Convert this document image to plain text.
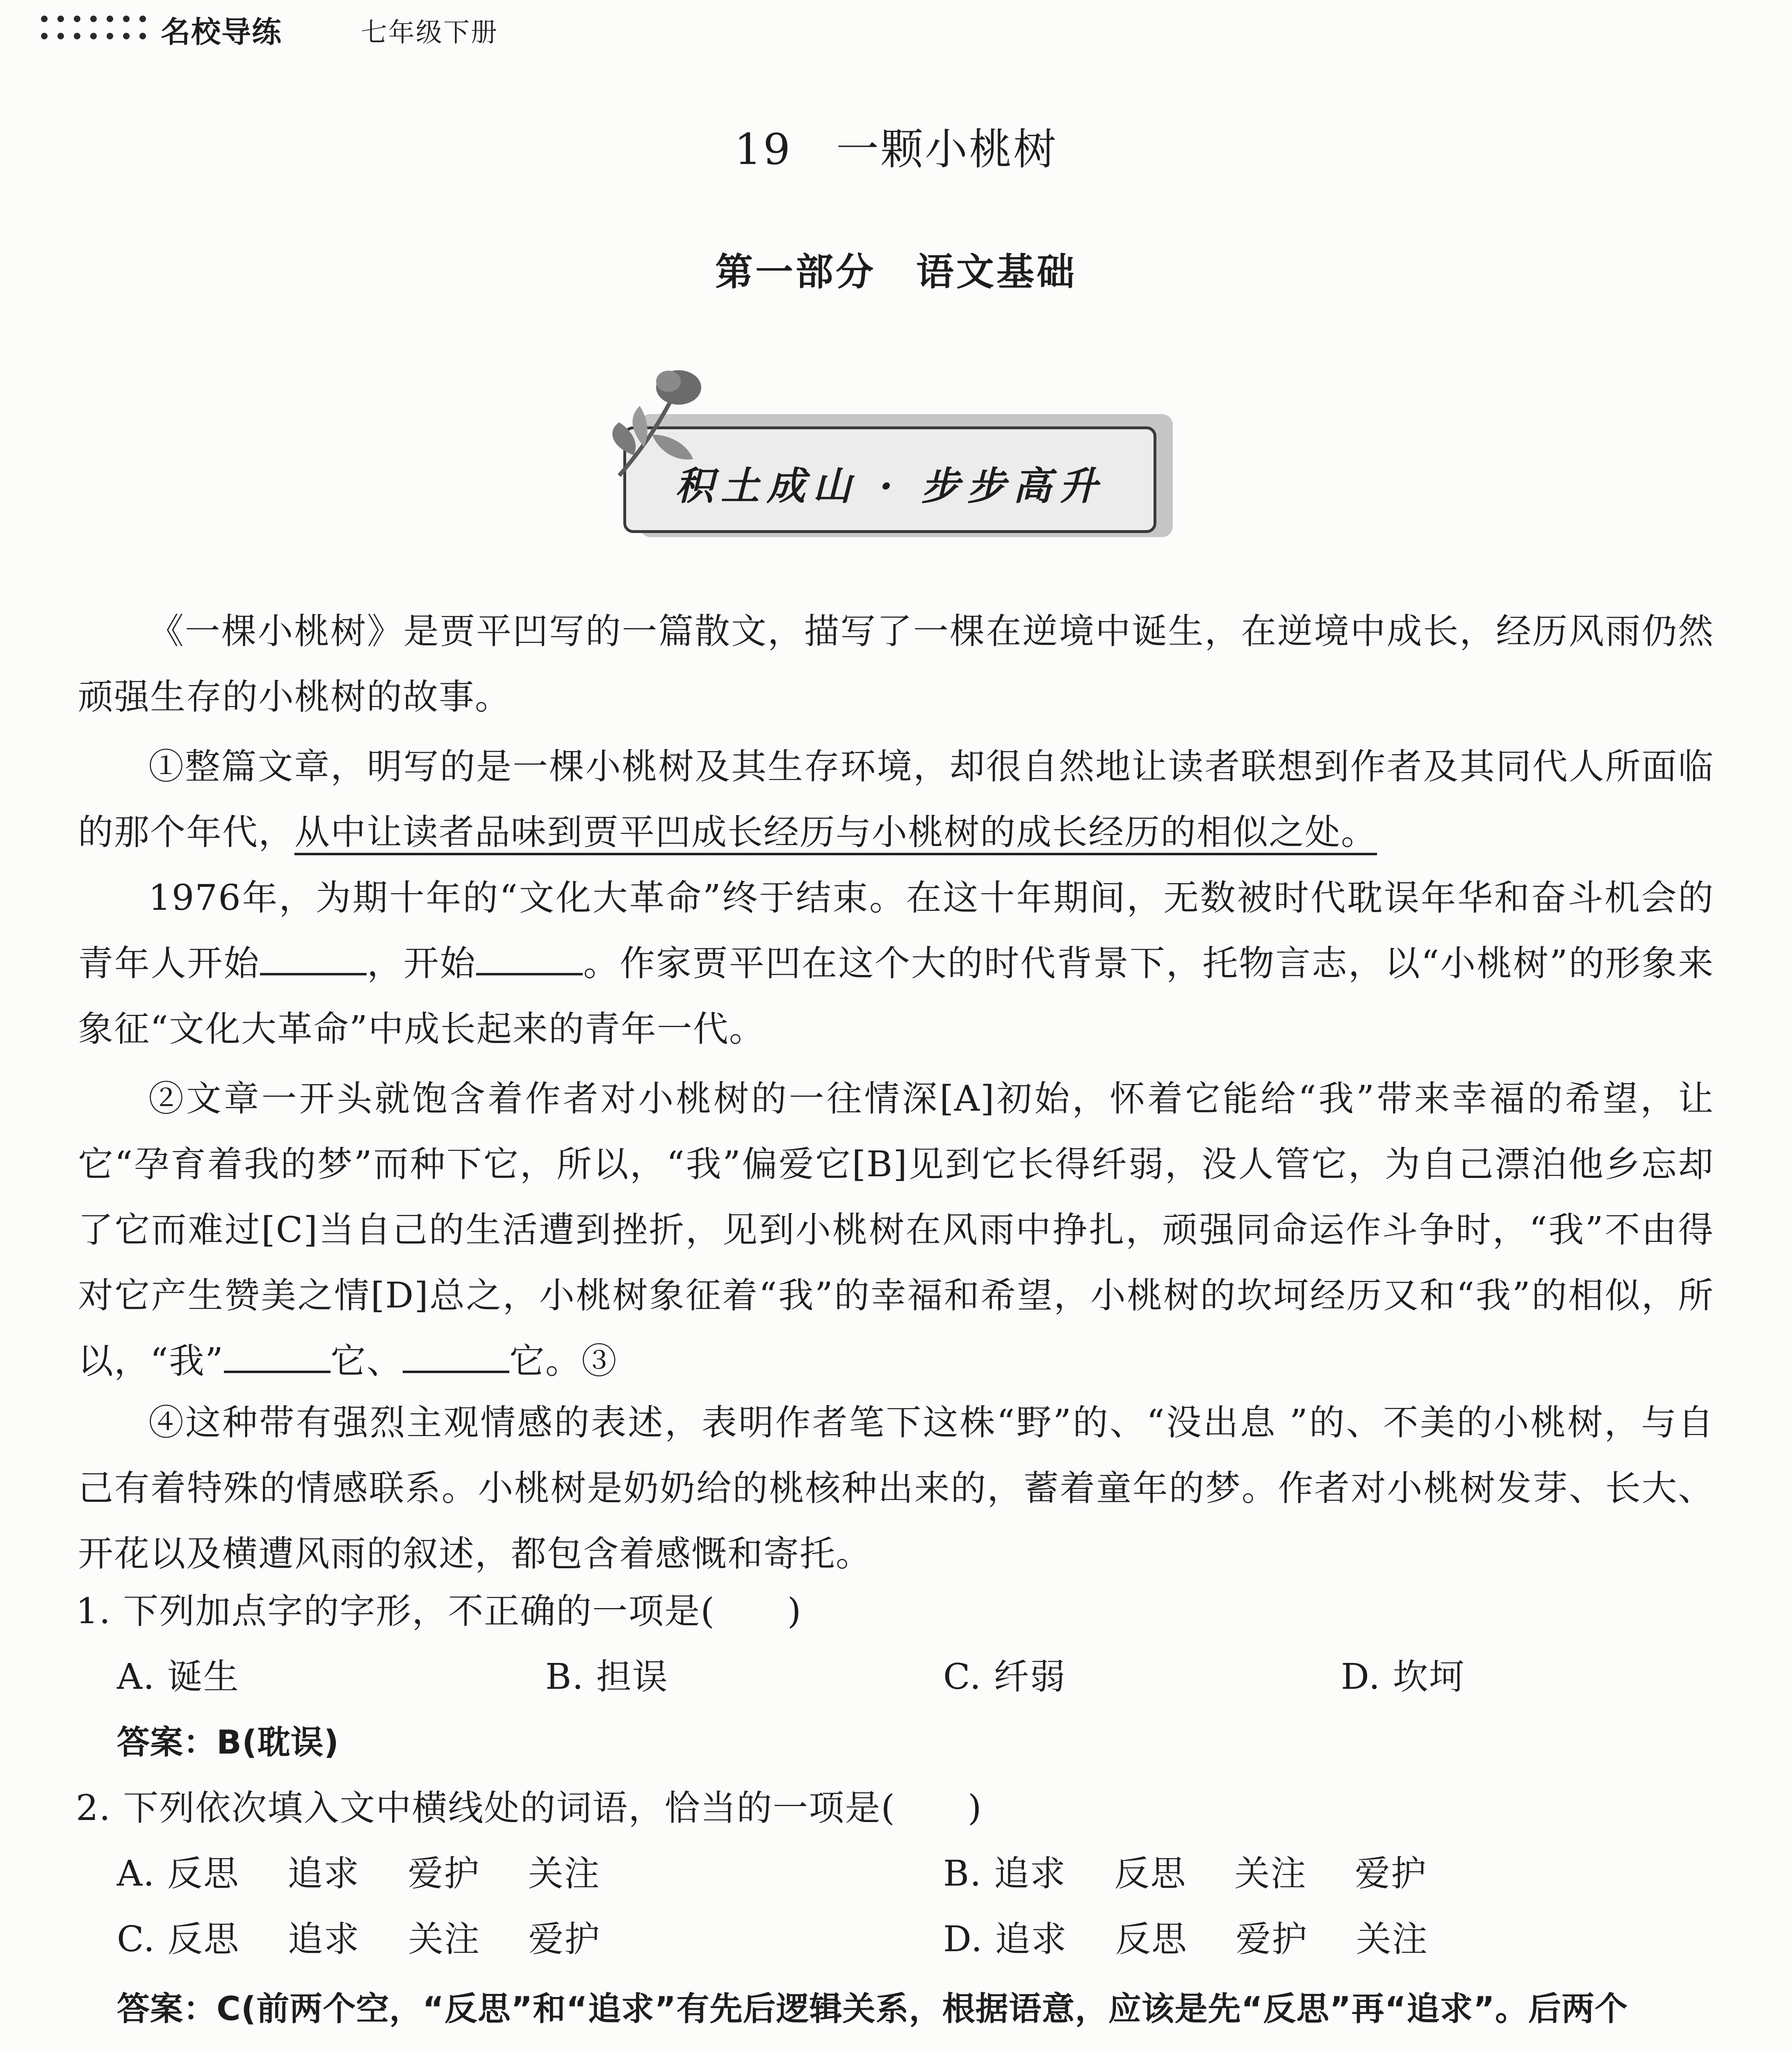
名校导练	七年级下册
19　一颗小桃树
第一部分　语文基础
积土成山 · 步步高升
《一棵小桃树》是贾平凹写的一篇散文，描写了一棵在逆境中诞生，在逆境中成长，经历风雨仍然顽强生存的小桃树的故事。
①整篇文章，明写的是一棵小桃树及其生存环境，却很自然地让读者联想到作者及其同代人所面临的那个年代，从中让读者品味到贾平凹成长经历与小桃树的成长经历的相似之处。
1976年，为期十年的“文化大革命”终于结束。在这十年期间，无数被时代耽误年华和奋斗机会的青年人开始	，开始	。作家贾平凹在这个大的时代背景下，托物言志，以“小桃树”的形象来象征“文化大革命”中成长起来的青年一代。
②文章一开头就饱含着作者对小桃树的一往情深[A]初始，怀着它能给“我”带来幸福的希望，让它“孕育着我的梦”而种下它，所以，“我”偏爱它[B]见到它长得纤弱，没人管它，为自己漂泊他乡忘却了它而难过[C]当自己的生活遭到挫折，见到小桃树在风雨中挣扎，顽强同命运作斗争时，“我”不由得对它产生赞美之情[D]总之，小桃树象征着“我”的幸福和希望，小桃树的坎坷经历又和“我”的相似，所以，“我”	它、	它。③
④这种带有强烈主观情感的表述，表明作者笔下这株“野”的、“没出息 ”的、不美的小桃树，与自己有着特殊的情感联系。小桃树是奶奶给的桃核种出来的，蓄着童年的梦。作者对小桃树发芽、长大、开花以及横遭风雨的叙述，都包含着感慨和寄托。
1. 下列加点字的字形，不正确的一项是(　　)
A. 诞生	B. 担误	C. 纤弱	D. 坎坷
答案：B(耽误)
2. 下列依次填入文中横线处的词语，恰当的一项是(　　)
A. 反思　 追求　 爱护　 关注	B. 追求　 反思　 关注　 爱护
C. 反思　 追求　 关注　 爱护	D. 追求　 反思　 爱护　 关注
答案：C(前两个空，“反思”和“追求”有先后逻辑关系，根据语意，应该是先“反思”再“追求”。后两个
